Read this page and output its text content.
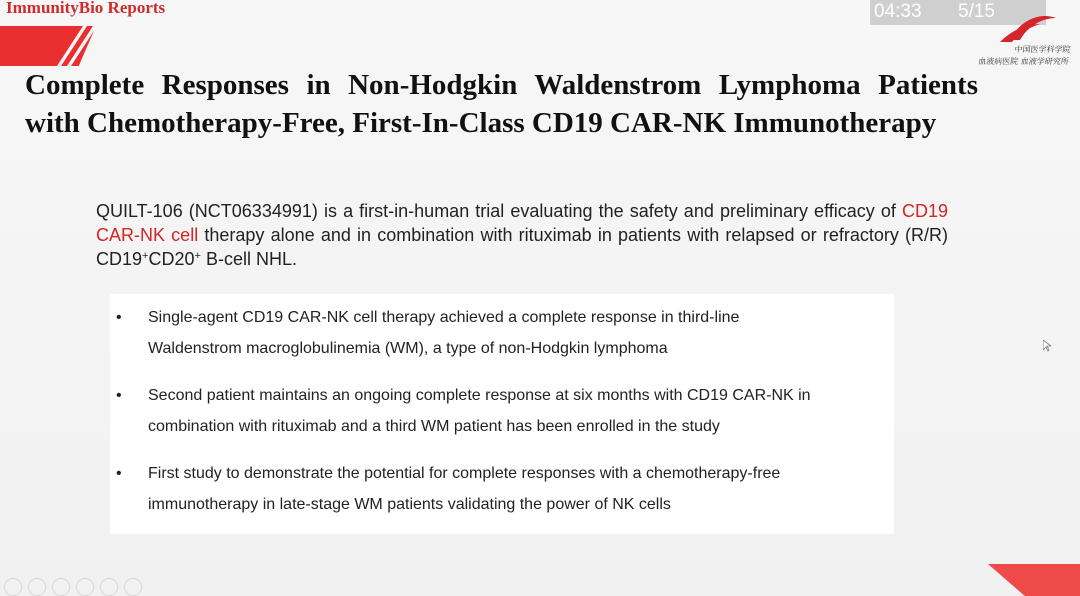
ImmunityBio Reports	04:33 5/15
中国医学科学院
血液病医院 血液学研究所
Complete Responses in Non-Hodgkin Waldenstrom Lymphoma Patients with Chemotherapy-Free, First-In-Class CD19 CAR-NK Immunotherapy

QUILT-106 (NCT06334991) is a first-in-human trial evaluating the safety and preliminary efficacy of CD19 CAR-NK cell therapy alone and in combination with rituximab in patients with relapsed or refractory (R/R) CD19+CD20+ B-cell NHL.

• Single-agent CD19 CAR-NK cell therapy achieved a complete response in third-line
Waldenstrom macroglobulinemia (WM), a type of non-Hodgkin lymphoma
• Second patient maintains an ongoing complete response at six months with CD19 CAR-NK in
combination with rituximab and a third WM patient has been enrolled in the study
• First study to demonstrate the potential for complete responses with a chemotherapy-free
immunotherapy in late-stage WM patients validating the power of NK cells
